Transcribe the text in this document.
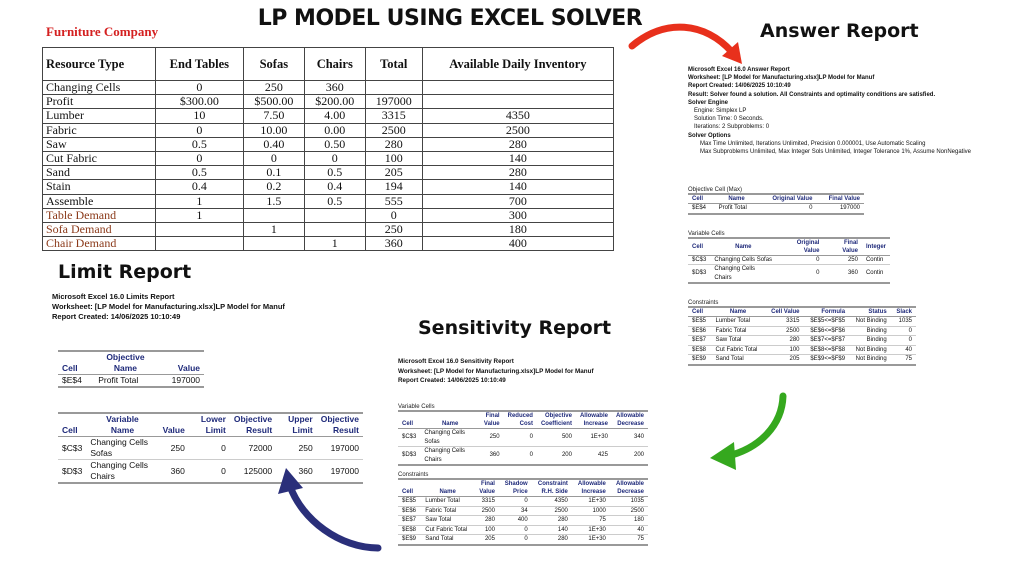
LP MODEL USING EXCEL SOLVER
Furniture Company
Resource Type	End Tables	Sofas	Chairs	Total	Available Daily Inventory
Changing Cells	0	250	360		
Profit	$300.00	$500.00	$200.00	197000	
Lumber	10	7.50	4.00	3315	4350
Fabric	0	10.00	0.00	2500	2500
Saw	0.5	0.40	0.50	280	280
Cut Fabric	0	0	0	100	140
Sand	0.5	0.1	0.5	205	280
Stain	0.4	0.2	0.4	194	140
Assemble	1	1.5	0.5	555	700
Table Demand	1			0	300
Sofa Demand		1		250	180
Chair Demand			1	360	400
Answer Report
Microsoft Excel 16.0 Answer Report
Worksheet: [LP Model for Manufacturing.xlsx]LP Model for Manuf
Report Created: 14/06/2025 10:10:49
Result: Solver found a solution. All Constraints and optimality conditions are satisfied.
Solver Engine
Engine: Simplex LP
Solution Time: 0 Seconds.
Iterations: 2 Subproblems: 0
Solver Options
Max Time Unlimited, Iterations Unlimited, Precision 0.000001, Use Automatic Scaling
Max Subproblems Unlimited, Max Integer Sols Unlimited, Integer Tolerance 1%, Assume NonNegative
Objective Cell (Max)
Cell	Name	Original Value	Final Value
$E$4	Profit Total	0	197000
Variable Cells
Cell	Name	Original Value	Final Value	Integer
$C$3	Changing Cells Sofas	0	250	Contin
$D$3	Changing Cells Chairs	0	360	Contin
Constraints
Cell	Name	Cell Value	Formula	Status	Slack
$E$5	Lumber Total	3315	$E$5<=$F$5	Not Binding	1035
$E$6	Fabric Total	2500	$E$6<=$F$6	Binding	0
$E$7	Saw Total	280	$E$7<=$F$7	Binding	0
$E$8	Cut Fabric Total	100	$E$8<=$F$8	Not Binding	40
$E$9	Sand Total	205	$E$9<=$F$9	Not Binding	75
Limit Report
Microsoft Excel 16.0 Limits Report
Worksheet: [LP Model for Manufacturing.xlsx]LP Model for Manuf
Report Created: 14/06/2025 10:10:49
	Objective	
Cell	Name	Value
$E$4	Profit Total	197000
	Variable			Lower	Objective		Upper	Objective
Cell	Name	Value		Limit	Result		Limit	Result
$C$3	Changing Cells Sofas	250		0	72000		250	197000
$D$3	Changing Cells Chairs	360		0	125000		360	197000
Sensitivity Report
Microsoft Excel 16.0 Sensitivity Report
Worksheet: [LP Model for Manufacturing.xlsx]LP Model for Manuf
Report Created: 14/06/2025 10:10:49
Variable Cells
		Final	Reduced	Objective	Allowable	Allowable
Cell	Name	Value	Cost	Coefficient	Increase	Decrease
$C$3	Changing Cells Sofas	250	0	500	1E+30	340
$D$3	Changing Cells Chairs	360	0	200	425	200
Constraints
		Final	Shadow	Constraint	Allowable	Allowable
Cell	Name	Value	Price	R.H. Side	Increase	Decrease
$E$5	Lumber Total	3315	0	4350	1E+30	1035
$E$6	Fabric Total	2500	34	2500	1000	2500
$E$7	Saw Total	280	400	280	75	180
$E$8	Cut Fabric Total	100	0	140	1E+30	40
$E$9	Sand Total	205	0	280	1E+30	75
